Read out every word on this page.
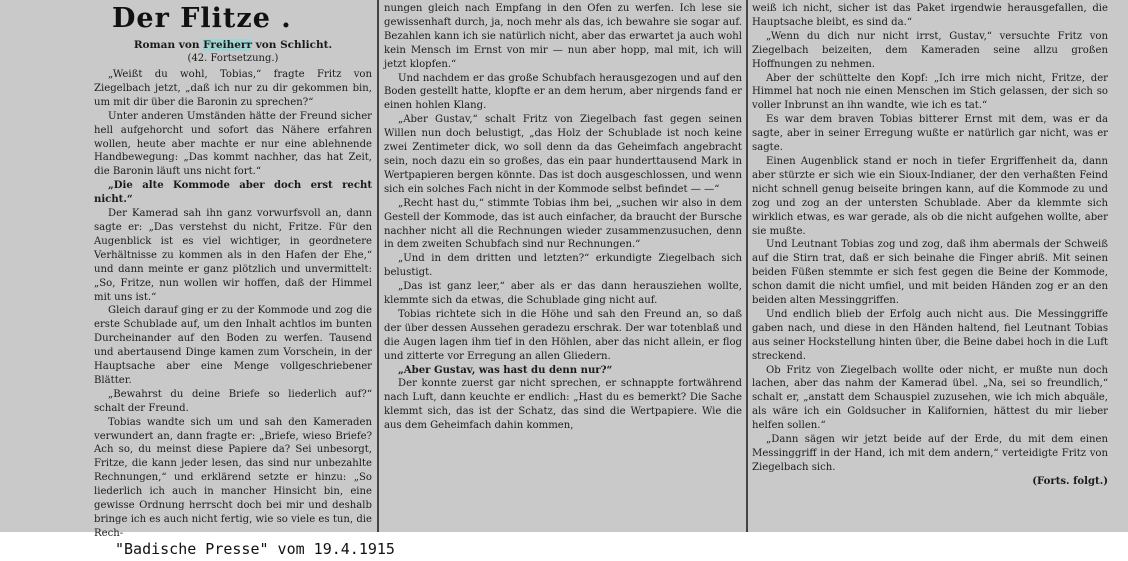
Der Flitze .
Roman von Freiherr von Schlicht.
(42. Fortsetzung.)

„Weißt du wohl, Tobias,“ fragte Fritz von Ziegelbach jetzt, „daß ich nur zu dir gekommen bin, um mit dir über die Baronin zu sprechen?“

Unter anderen Umständen hätte der Freund sicher hell aufgehorcht und sofort das Nähere erfahren wollen, heute aber machte er nur eine ablehnende Handbewegung: „Das kommt nachher, das hat Zeit, die Baronin läuft uns nicht fort.“

„Die alte Kommode aber doch erst recht nicht.“

Der Kamerad sah ihn ganz vorwurfsvoll an, dann sagte er: „Das verstehst du nicht, Fritze. Für den Augenblick ist es viel wichtiger, in geordnetere Verhältnisse zu kommen als in den Hafen der Ehe,“ und dann meinte er ganz plötzlich und unvermittelt: „So, Fritze, nun wollen wir hoffen, daß der Himmel mit uns ist.“

Gleich darauf ging er zu der Kommode und zog die erste Schublade auf, um den Inhalt achtlos im bunten Durcheinander auf den Boden zu werfen. Tausend und abertausend Dinge kamen zum Vorschein, in der Hauptsache aber eine Menge vollgeschriebener Blätter.

„Bewahrst du deine Briefe so liederlich auf?“ schalt der Freund.

Tobias wandte sich um und sah den Kameraden verwundert an, dann fragte er: „Briefe, wieso Briefe? Ach so, du meinst diese Papiere da? Sei unbesorgt, Fritze, die kann jeder lesen, das sind nur unbezahlte Rechnungen,“ und erklärend setzte er hinzu: „So liederlich ich auch in mancher Hinsicht bin, eine gewisse Ordnung herrscht doch bei mir und deshalb bringe ich es auch nicht fertig, wie so viele es tun, die Rech-

nungen gleich nach Empfang in den Ofen zu werfen. Ich lese sie gewissenhaft durch, ja, noch mehr als das, ich bewahre sie sogar auf. Bezahlen kann ich sie natürlich nicht, aber das erwartet ja auch wohl kein Mensch im Ernst von mir — nun aber hopp, mal mit, ich will jetzt klopfen.“

Und nachdem er das große Schubfach herausgezogen und auf den Boden gestellt hatte, klopfte er an dem herum, aber nirgends fand er einen hohlen Klang.

„Aber Gustav,“ schalt Fritz von Ziegelbach fast gegen seinen Willen nun doch belustigt, „das Holz der Schublade ist noch keine zwei Zentimeter dick, wo soll denn da das Geheimfach angebracht sein, noch dazu ein so großes, das ein paar hunderttausend Mark in Wertpapieren bergen könnte. Das ist doch ausgeschlossen, und wenn sich ein solches Fach nicht in der Kommode selbst befindet — —“

„Recht hast du,“ stimmte Tobias ihm bei, „suchen wir also in dem Gestell der Kommode, das ist auch einfacher, da braucht der Bursche nachher nicht all die Rechnungen wieder zusammenzusuchen, denn in dem zweiten Schubfach sind nur Rechnungen.“

„Und in dem dritten und letzten?“ erkundigte Ziegelbach sich belustigt.

„Das ist ganz leer,“ aber als er das dann herausziehen wollte, klemmte sich da etwas, die Schublade ging nicht auf.

Tobias richtete sich in die Höhe und sah den Freund an, so daß der über dessen Aussehen geradezu erschrak. Der war totenblaß und die Augen lagen ihm tief in den Höhlen, aber das nicht allein, er flog und zitterte vor Erregung an allen Gliedern.

„Aber Gustav, was hast du denn nur?“

Der konnte zuerst gar nicht sprechen, er schnappte fortwährend nach Luft, dann keuchte er endlich: „Hast du es bemerkt? Die Sache klemmt sich, das ist der Schatz, das sind die Wertpapiere. Wie die aus dem Geheimfach dahin kommen,

weiß ich nicht, sicher ist das Paket irgendwie herausgefallen, die Hauptsache bleibt, es sind da.“

„Wenn du dich nur nicht irrst, Gustav,“ versuchte Fritz von Ziegelbach beizeiten, dem Kameraden seine allzu großen Hoffnungen zu nehmen.

Aber der schüttelte den Kopf: „Ich irre mich nicht, Fritze, der Himmel hat noch nie einen Menschen im Stich gelassen, der sich so voller Inbrunst an ihn wandte, wie ich es tat.“

Es war dem braven Tobias bitterer Ernst mit dem, was er da sagte, aber in seiner Erregung wußte er natürlich gar nicht, was er sagte.

Einen Augenblick stand er noch in tiefer Ergriffenheit da, dann aber stürzte er sich wie ein Sioux-Indianer, der den verhaßten Feind nicht schnell genug beiseite bringen kann, auf die Kommode zu und zog und zog an der untersten Schublade. Aber da klemmte sich wirklich etwas, es war gerade, als ob die nicht aufgehen wollte, aber sie mußte.

Und Leutnant Tobias zog und zog, daß ihm abermals der Schweiß auf die Stirn trat, daß er sich beinahe die Finger abriß. Mit seinen beiden Füßen stemmte er sich fest gegen die Beine der Kommode, schon damit die nicht umfiel, und mit beiden Händen zog er an den beiden alten Messinggriffen.

Und endlich blieb der Erfolg auch nicht aus. Die Messinggriffe gaben nach, und diese in den Händen haltend, fiel Leutnant Tobias aus seiner Hockstellung hinten über, die Beine dabei hoch in die Luft streckend.

Ob Fritz von Ziegelbach wollte oder nicht, er mußte nun doch lachen, aber das nahm der Kamerad übel. „Na, sei so freundlich,“ schalt er, „anstatt dem Schauspiel zuzusehen, wie ich mich abquäle, als wäre ich ein Goldsucher in Kalifornien, hättest du mir lieber helfen sollen.“

„Dann sägen wir jetzt beide auf der Erde, du mit dem einen Messinggriff in der Hand, ich mit dem andern,“ verteidigte Fritz von Ziegelbach sich.

(Forts. folgt.)

"Badische Presse" vom 19.4.1915
